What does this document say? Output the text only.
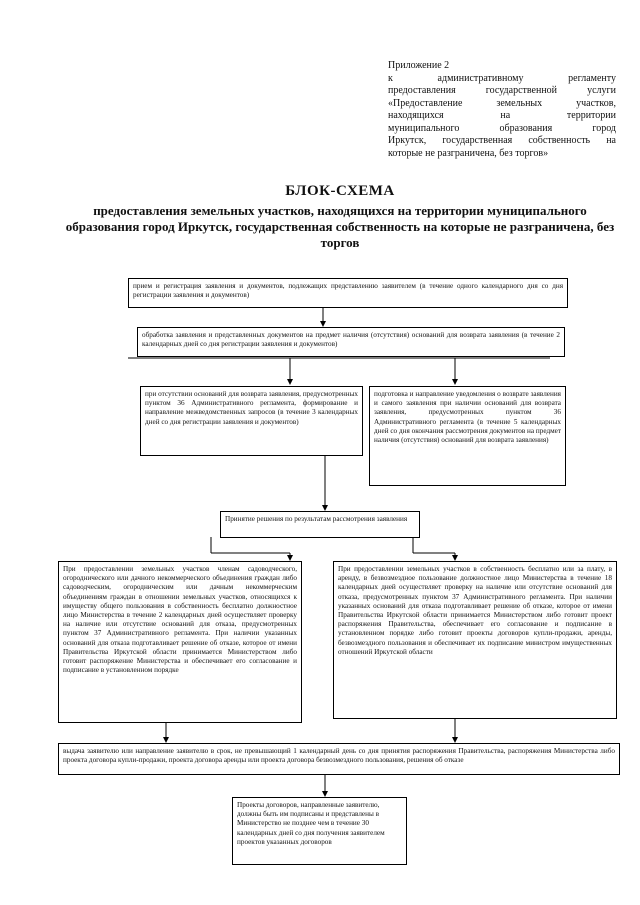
Приложение 2
к административному регламенту
предоставления государственной услуги
«Предоставление земельных участков,
находящихся на территории
муниципального образования город
Иркутск, государственная собственность на
которые не разграничена, без торгов»
БЛОК-СХЕМА
предоставления земельных участков, находящихся на территории муниципального образования город Иркутск, государственная собственность на которые не разграничена, без торгов
прием и регистрация заявления и документов, подлежащих представлению заявителем (в течение одного календарного дня со дня регистрации заявления и документов)
обработка заявления и представленных документов на предмет наличия (отсутствия) оснований для возврата заявления (в течение 2 календарных дней со дня регистрации заявления и документов)
при отсутствии оснований для возврата заявления, предусмотренных пунктом 36 Административного регламента, формирование и направление межведомственных запросов (в течение 3 календарных дней со дня регистрации заявления и документов)
подготовка и направление уведомления о возврате заявления и самого заявления при наличии оснований для возврата заявления, предусмотренных пунктом 36 Административного регламента (в течение 5 календарных дней со дня окончания рассмотрения документов на предмет наличия (отсутствия) оснований для возврата заявления)
Принятие решения по результатам рассмотрения заявления
При предоставлении земельных участков членам садоводческого, огороднического или дачного некоммерческого объединения граждан либо садоводческим, огородническим или дачным некоммерческим объединениям граждан в отношении земельных участков, относящихся к имуществу общего пользования в собственность бесплатно должностное лицо Министерства в течение 2 календарных дней осуществляет проверку на наличие или отсутствие оснований для отказа, предусмотренных пунктом 37 Административного регламента. При наличии указанных оснований для отказа подготавливает решение об отказе, которое от имени Правительства Иркутской области принимается Министерством либо готовит распоряжение Министерства и обеспечивает его согласование и подписание в установленном порядке
При предоставлении земельных участков в собственность бесплатно или за плату, в аренду, в безвозмездное пользование должностное лицо Министерства в течение 18 календарных дней осуществляет проверку на наличие или отсутствие оснований для отказа, предусмотренных пунктом 37 Административного регламента. При наличии указанных оснований для отказа подготавливает решение об отказе, которое от имени Правительства Иркутской области принимается Министерством либо готовит проект распоряжения Правительства, обеспечивает его согласование и подписание в установленном порядке либо готовит проекты договоров купли-продажи, аренды, безвозмездного пользования и обеспечивает их подписание министром имущественных отношений Иркутской области
выдача заявителю или направление заявителю в срок, не превышающий 1 календарный день со дня принятия распоряжения Правительства, распоряжения Министерства либо проекта договора купли-продажи, проекта договора аренды или проекта договора безвозмездного пользования, решения об отказе
Проекты договоров, направленные заявителю, должны быть им подписаны и представлены в Министерство не позднее чем в течение 30 календарных дней со дня получения заявителем проектов указанных договоров
